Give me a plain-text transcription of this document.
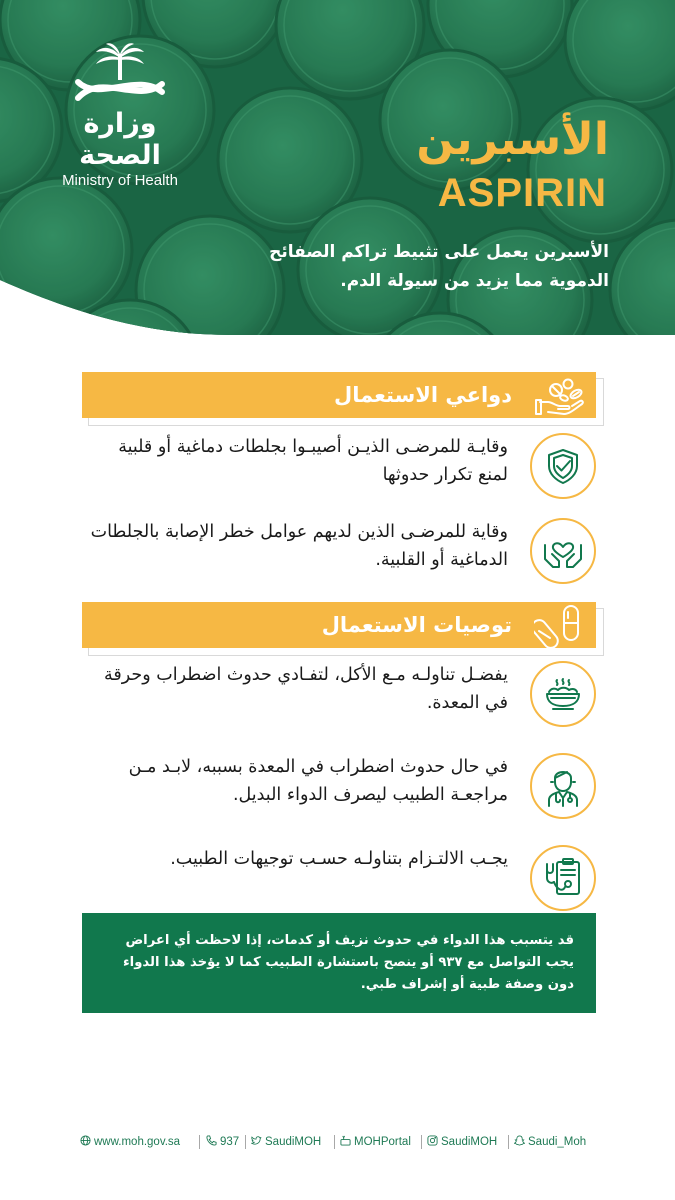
وزارة الصحة
Ministry of Health
الأسبرين
ASPIRIN
الأسبرين يعمل على تثبيط تراكم الصفائح الدموية مما يزيد من سيولة الدم.
دواعي الاستعمال
وقايـة للمرضـى الذيـن أصيبـوا بجلطات دماغية أو قلبية لمنع تكرار حدوثها
وقاية للمرضـى الذين لديهم عوامل خطر الإصابة بالجلطات الدماغية أو القلبية.
توصيات الاستعمال
يفضـل تناولـه مـع الأكل، لتفـادي حدوث اضطراب وحرقة في المعدة.
في حال حدوث اضطراب في المعدة بسببه، لابـد مـن مراجعـة الطبيب ليصرف الدواء البديل.
يجـب الالتـزام بتناولـه حسـب توجيهات الطبيب.
قد يتسبب هذا الدواء في حدوث نزيف أو كدمات، إذا لاحظت أي اعراض يجب التواصل مع ٩٣٧ أو ينصح باستشارة الطبيب كما لا يؤخذ هذا الدواء دون وصفة طبية أو إشراف طبي.
www.moh.gov.sa	937	SaudiMOH	MOHPortal	SaudiMOH	Saudi_Moh
